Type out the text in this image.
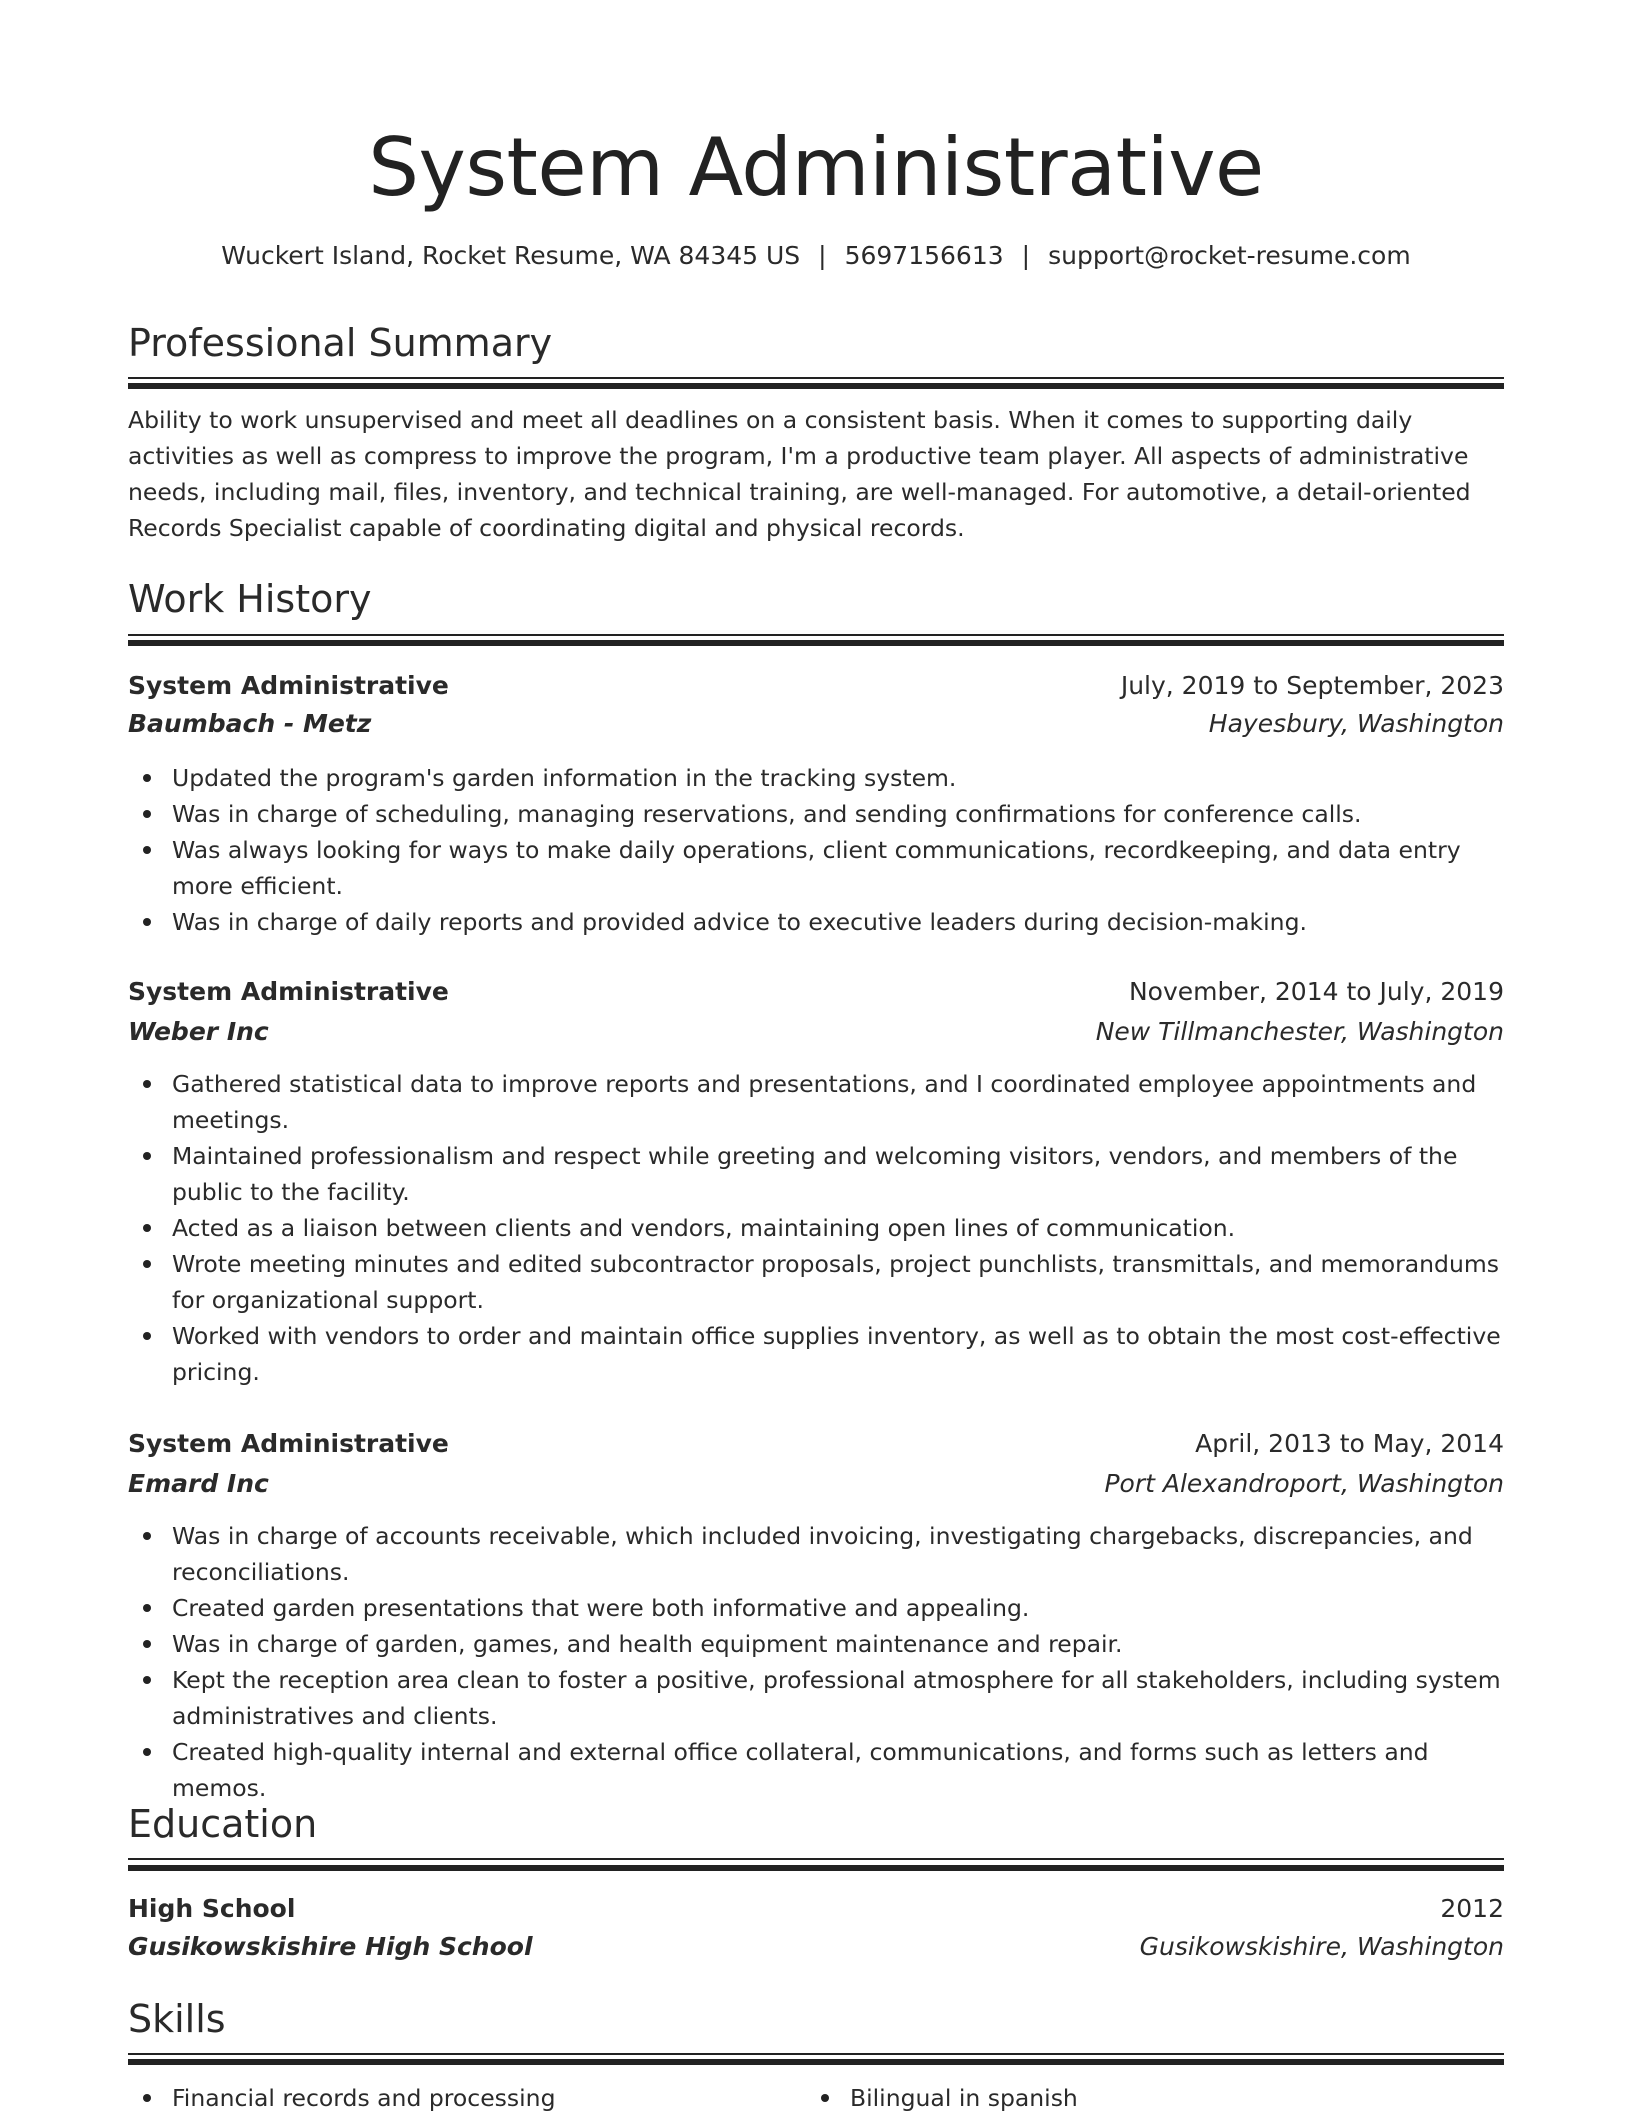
System Administrative
Wuckert Island, Rocket Resume, WA 84345 US | 5697156613 | support@rocket-resume.com
Professional Summary
Ability to work unsupervised and meet all deadlines on a consistent basis. When it comes to supporting daily activities as well as compress to improve the program, I'm a productive team player. All aspects of administrative needs, including mail, files, inventory, and technical training, are well-managed. For automotive, a detail-oriented Records Specialist capable of coordinating digital and physical records.
Work History
System Administrative	July, 2019 to September, 2023
Baumbach - Metz	Hayesbury, Washington
Updated the program's garden information in the tracking system.
Was in charge of scheduling, managing reservations, and sending confirmations for conference calls.
Was always looking for ways to make daily operations, client communications, recordkeeping, and data entry more efficient.
Was in charge of daily reports and provided advice to executive leaders during decision-making.
System Administrative	November, 2014 to July, 2019
Weber Inc	New Tillmanchester, Washington
Gathered statistical data to improve reports and presentations, and I coordinated employee appointments and meetings.
Maintained professionalism and respect while greeting and welcoming visitors, vendors, and members of the public to the facility.
Acted as a liaison between clients and vendors, maintaining open lines of communication.
Wrote meeting minutes and edited subcontractor proposals, project punchlists, transmittals, and memorandums for organizational support.
Worked with vendors to order and maintain office supplies inventory, as well as to obtain the most cost-effective pricing.
System Administrative	April, 2013 to May, 2014
Emard Inc	Port Alexandroport, Washington
Was in charge of accounts receivable, which included invoicing, investigating chargebacks, discrepancies, and reconciliations.
Created garden presentations that were both informative and appealing.
Was in charge of garden, games, and health equipment maintenance and repair.
Kept the reception area clean to foster a positive, professional atmosphere for all stakeholders, including system administratives and clients.
Created high-quality internal and external office collateral, communications, and forms such as letters and memos.
Education
High School	2012
Gusikowskishire High School	Gusikowskishire, Washington
Skills
Financial records and processing	Bilingual in spanish
